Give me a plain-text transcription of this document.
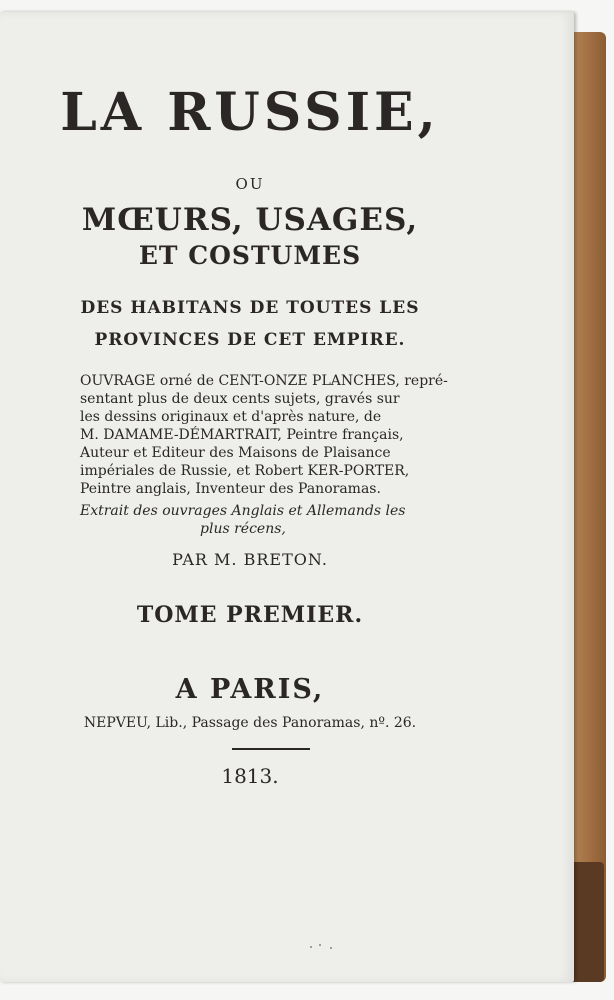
LA RUSSIE,
OU
MŒURS, USAGES,
ET COSTUMES
DES HABITANS DE TOUTES LES
PROVINCES DE CET EMPIRE.
OUVRAGE orné de CENT-ONZE PLANCHES, repré-
sentant plus de deux cents sujets, gravés sur
les dessins originaux et d'après nature, de
M. DAMAME-DÉMARTRAIT, Peintre français,
Auteur et Editeur des Maisons de Plaisance
impériales de Russie, et Robert KER-PORTER,
Peintre anglais, Inventeur des Panoramas.
Extrait des ouvrages Anglais et Allemands les
plus récens,
PAR M. BRETON.
TOME PREMIER.
A PARIS,
NEPVEU, Lib., Passage des Panoramas, nº. 26.
1813.
